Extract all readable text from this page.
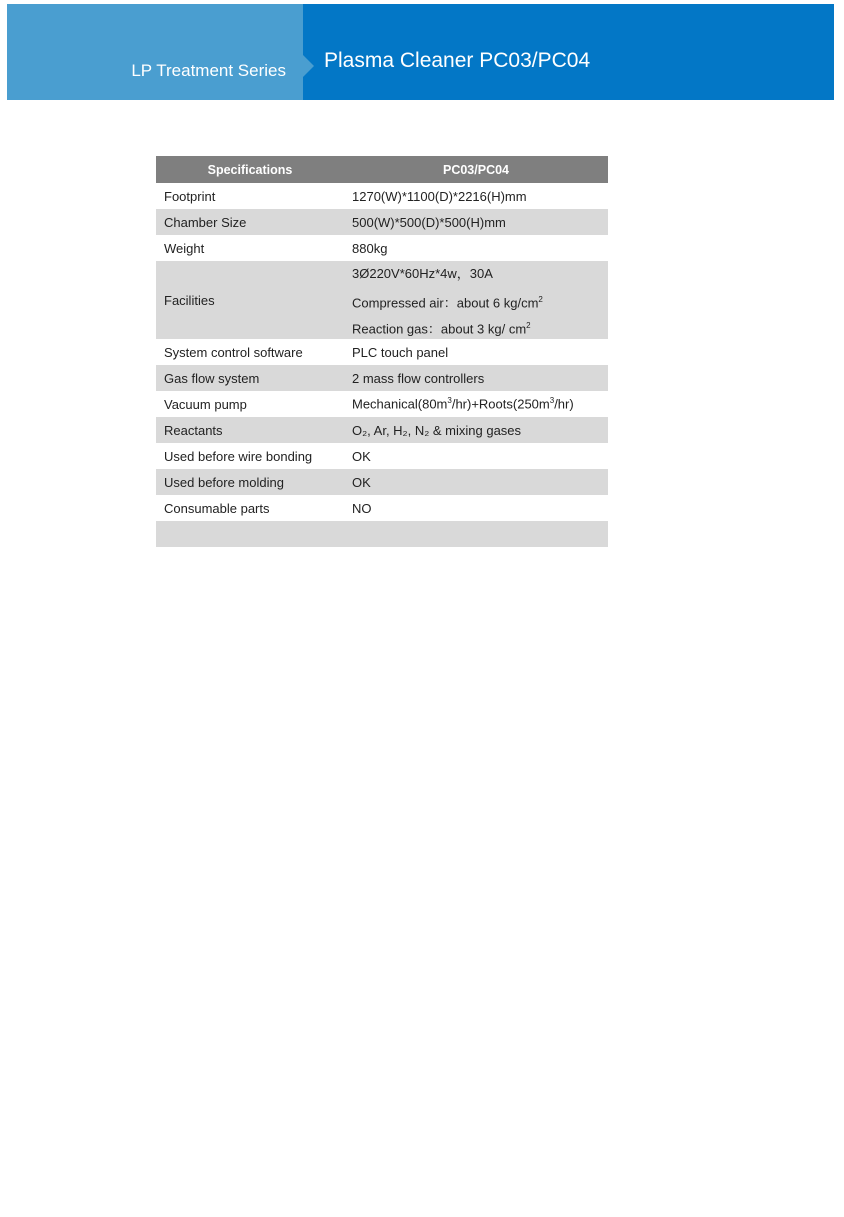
LP Treatment Series Plasma Cleaner PC03/PC04
Specifications	PC03/PC04
Footprint	1270(W)*1100(D)*2216(H)mm
Chamber Size	500(W)*500(D)*500(H)mm
Weight	880kg
Facilities	3Ø220V*60Hz*4w，30A
Compressed air：about 6 $kg/cm^2$
Reaction gas：about 3 kg/ $cm^2$

System control software	PLC touch panel
Gas flow system	2 mass flow controllers
Vacuum pump	$Mechanical(80m^3/hr)+Roots(250m^3/hr)$
Reactants	O₂, Ar, H₂, N₂ & mixing gases
Used before wire bonding	OK
Used before molding	OK
Consumable parts	NO
